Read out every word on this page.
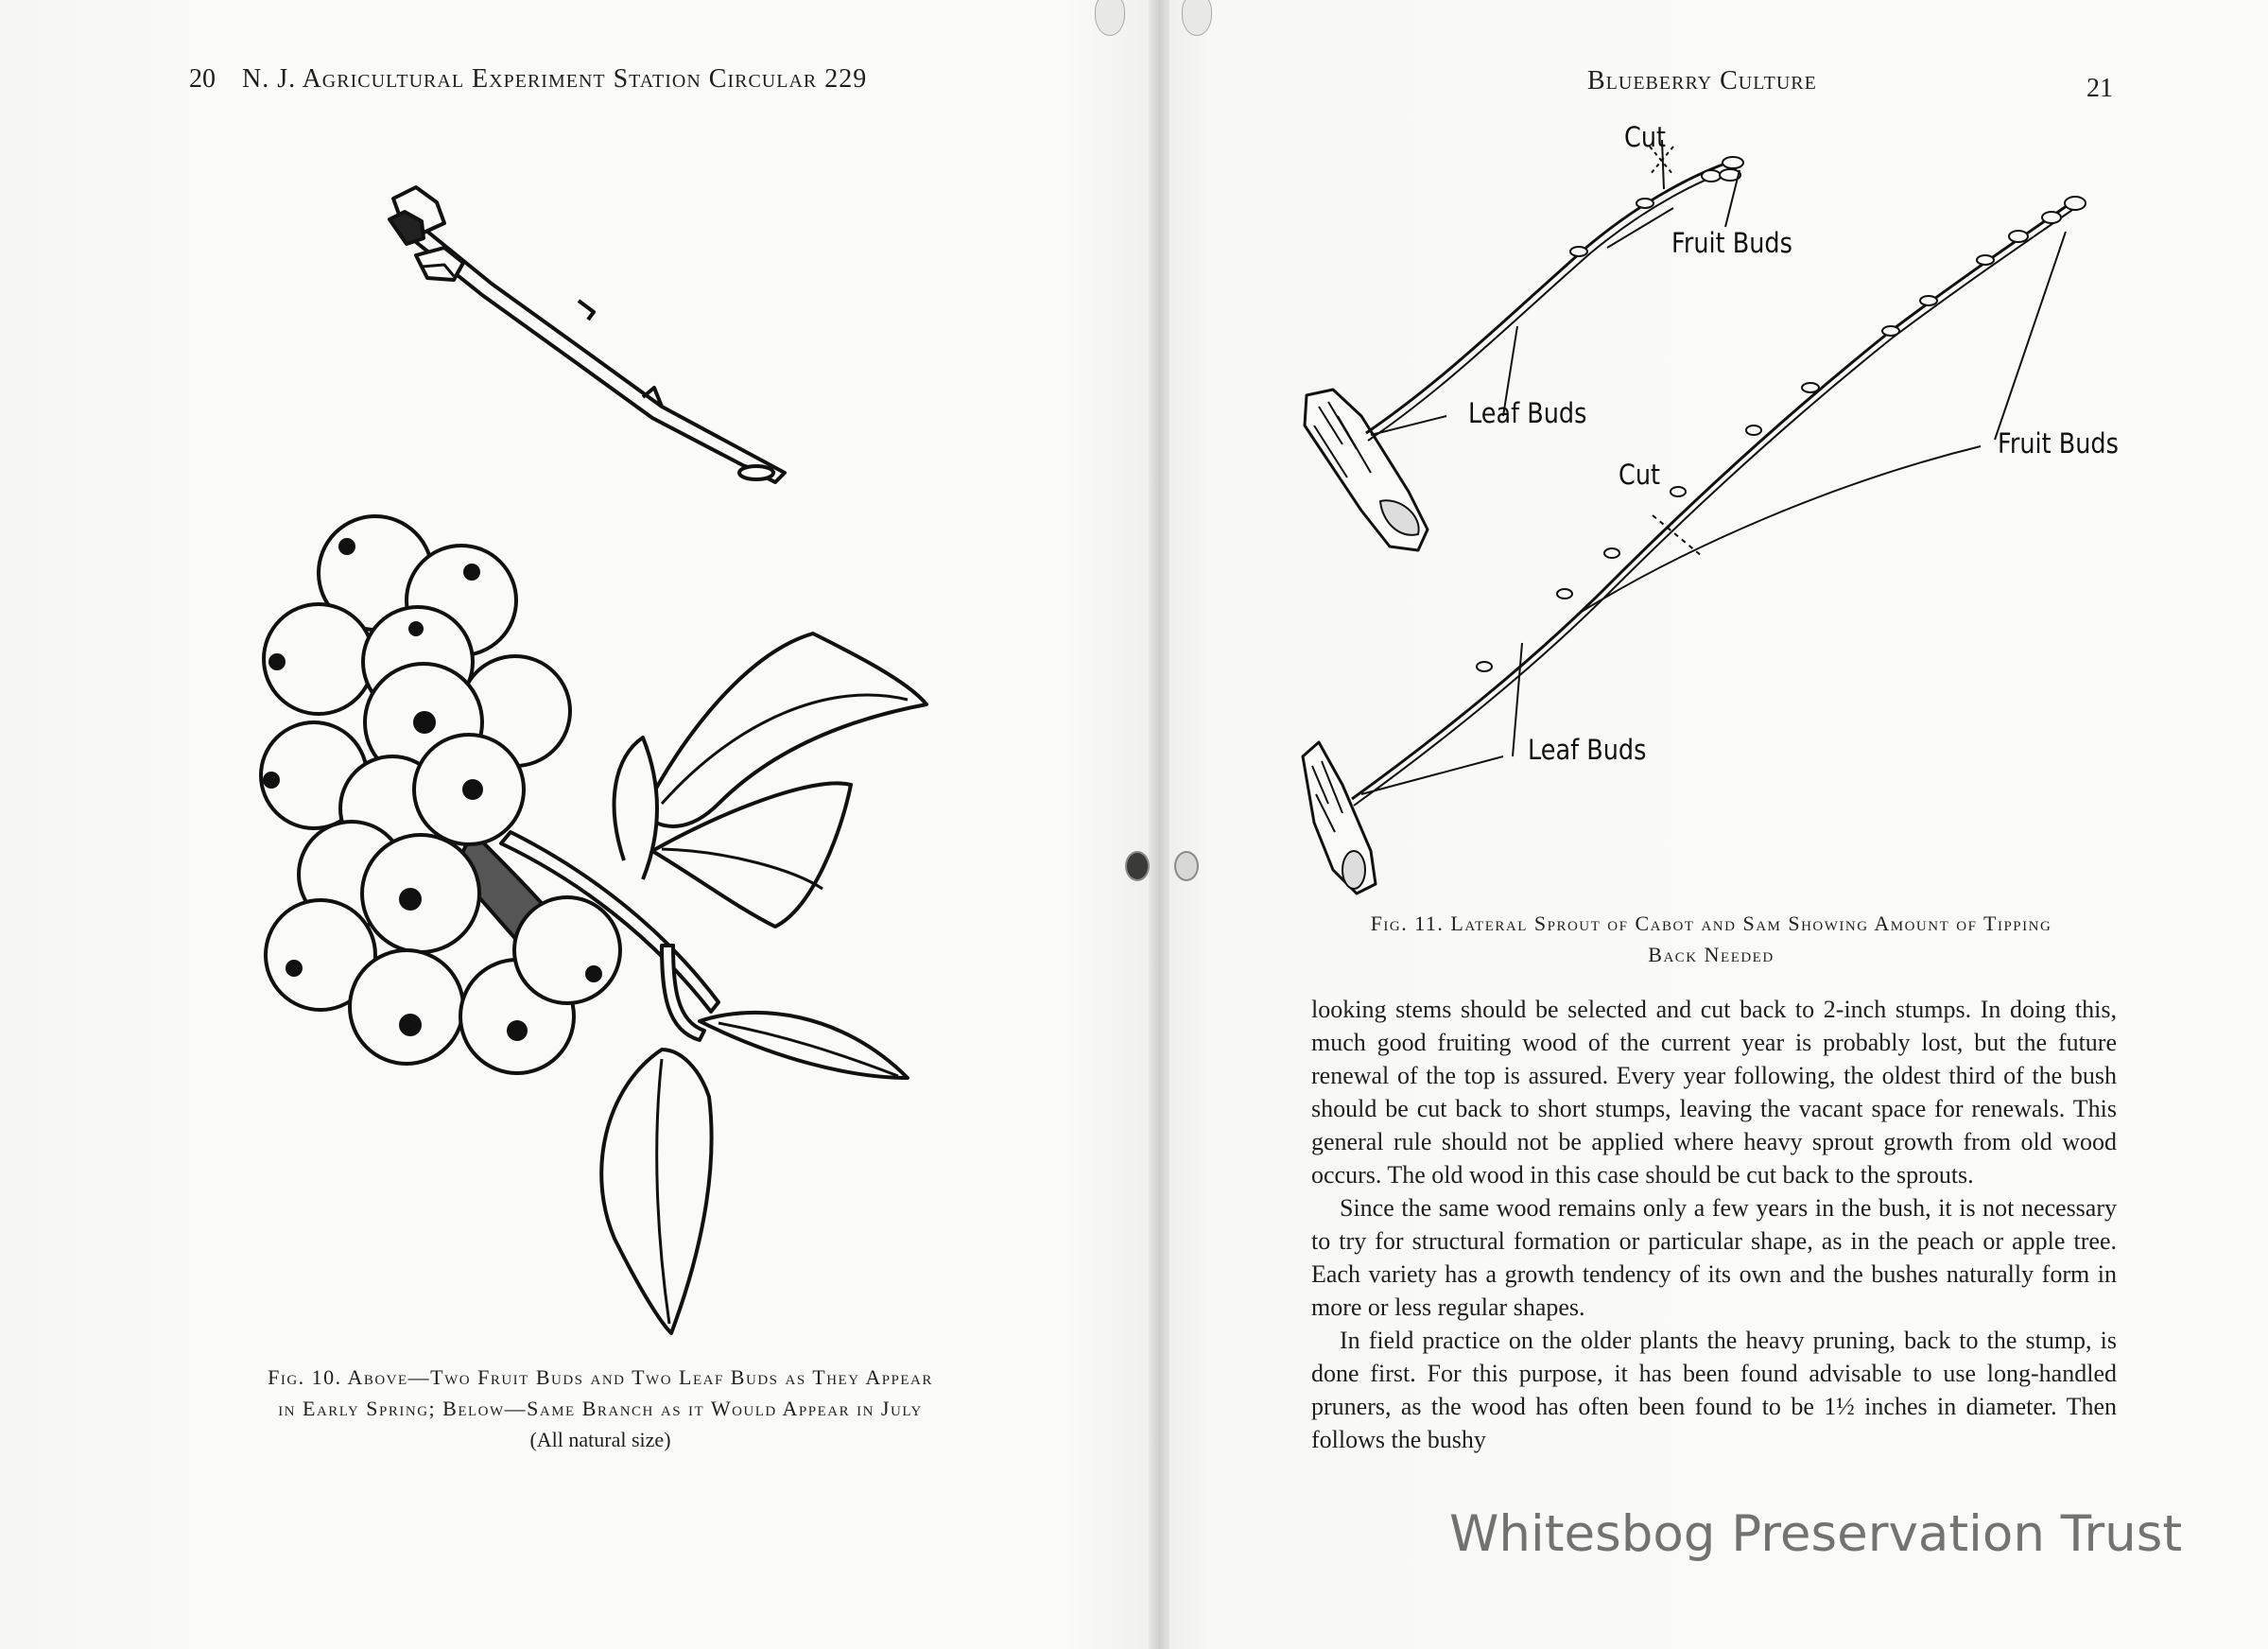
20 N. J. Agricultural Experiment Station Circular 229	Blueberry Culture	21
Fig. 10. Above—Two Fruit Buds and Two Leaf Buds as They Appear
in Early Spring; Below—Same Branch as it Would Appear in July
(All natural size)
Cut
Fruit Buds
Leaf Buds
Cut
Fruit Buds
Leaf Buds
Fig. 11. Lateral Sprout of Cabot and Sam Showing Amount of Tipping
Back Needed

looking stems should be selected and cut back to 2-inch stumps. In doing this, much good fruiting wood of the current year is probably lost, but the future renewal of the top is assured. Every year following, the oldest third of the bush should be cut back to short stumps, leaving the vacant space for renewals. This general rule should not be applied where heavy sprout growth from old wood occurs. The old wood in this case should be cut back to the sprouts.

Since the same wood remains only a few years in the bush, it is not necessary to try for structural formation or particular shape, as in the peach or apple tree. Each variety has a growth tendency of its own and the bushes naturally form in more or less regular shapes.

In field practice on the older plants the heavy pruning, back to the stump, is done first. For this purpose, it has been found advisable to use long-handled pruners, as the wood has often been found to be 1½ inches in diameter. Then follows the bushy

Whitesbog Preservation Trust
